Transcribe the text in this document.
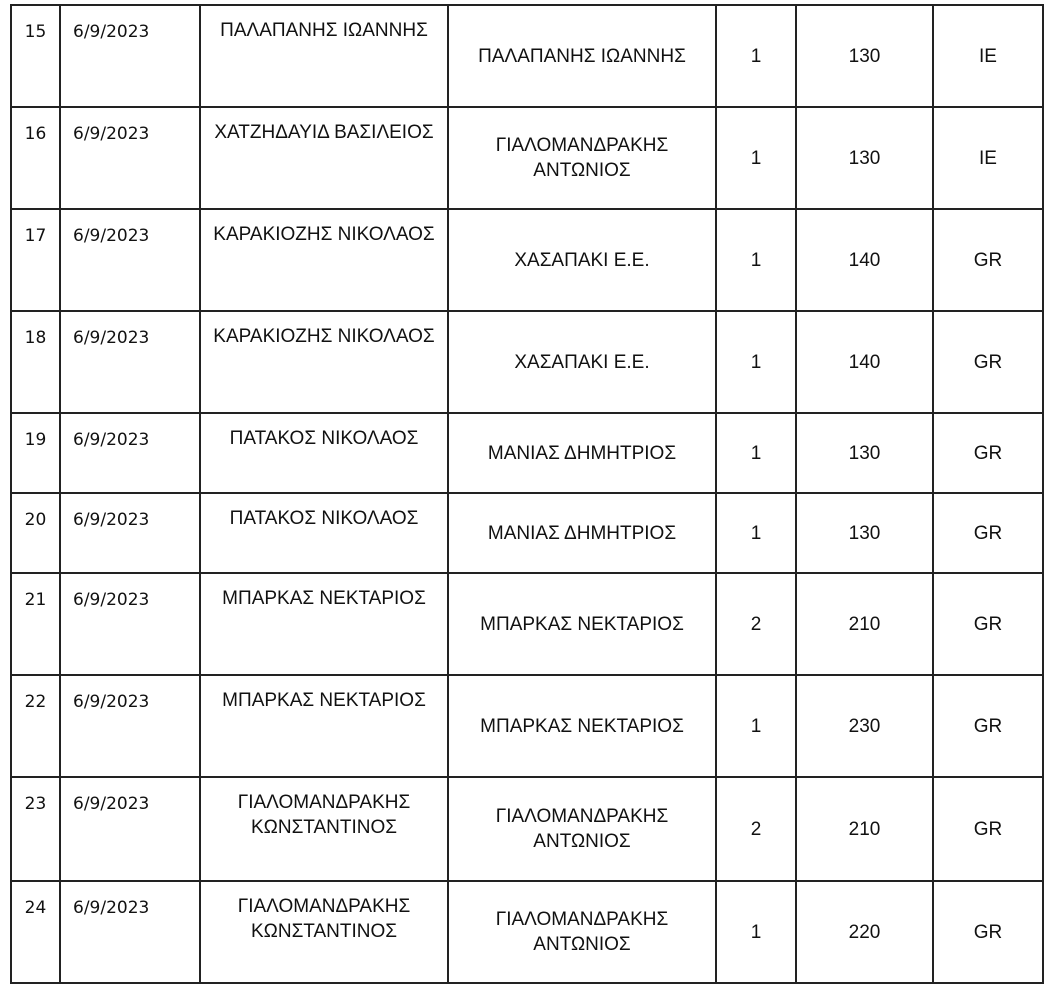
15	6/9/2023	ΠΑΛΑΠΑΝΗΣ ΙΩΑΝΝΗΣ	ΠΑΛΑΠΑΝΗΣ ΙΩΑΝΝΗΣ	1	130	IE
16	6/9/2023	ΧΑΤΖΗΔΑΥΙΔ ΒΑΣΙΛΕΙΟΣ	ΓΙΑΛΟΜΑΝΔΡΑΚΗΣ ΑΝΤΩΝΙΟΣ	1	130	IE
17	6/9/2023	ΚΑΡΑΚΙΟΖΗΣ ΝΙΚΟΛΑΟΣ	ΧΑΣΑΠΑΚΙ Ε.Ε.	1	140	GR
18	6/9/2023	ΚΑΡΑΚΙΟΖΗΣ ΝΙΚΟΛΑΟΣ	ΧΑΣΑΠΑΚΙ Ε.Ε.	1	140	GR
19	6/9/2023	ΠΑΤΑΚΟΣ ΝΙΚΟΛΑΟΣ	ΜΑΝΙΑΣ ΔΗΜΗΤΡΙΟΣ	1	130	GR
20	6/9/2023	ΠΑΤΑΚΟΣ ΝΙΚΟΛΑΟΣ	ΜΑΝΙΑΣ ΔΗΜΗΤΡΙΟΣ	1	130	GR
21	6/9/2023	ΜΠΑΡΚΑΣ ΝΕΚΤΑΡΙΟΣ	ΜΠΑΡΚΑΣ ΝΕΚΤΑΡΙΟΣ	2	210	GR
22	6/9/2023	ΜΠΑΡΚΑΣ ΝΕΚΤΑΡΙΟΣ	ΜΠΑΡΚΑΣ ΝΕΚΤΑΡΙΟΣ	1	230	GR
23	6/9/2023	ΓΙΑΛΟΜΑΝΔΡΑΚΗΣ ΚΩΝΣΤΑΝΤΙΝΟΣ	ΓΙΑΛΟΜΑΝΔΡΑΚΗΣ ΑΝΤΩΝΙΟΣ	2	210	GR
24	6/9/2023	ΓΙΑΛΟΜΑΝΔΡΑΚΗΣ ΚΩΝΣΤΑΝΤΙΝΟΣ	ΓΙΑΛΟΜΑΝΔΡΑΚΗΣ ΑΝΤΩΝΙΟΣ	1	220	GR
